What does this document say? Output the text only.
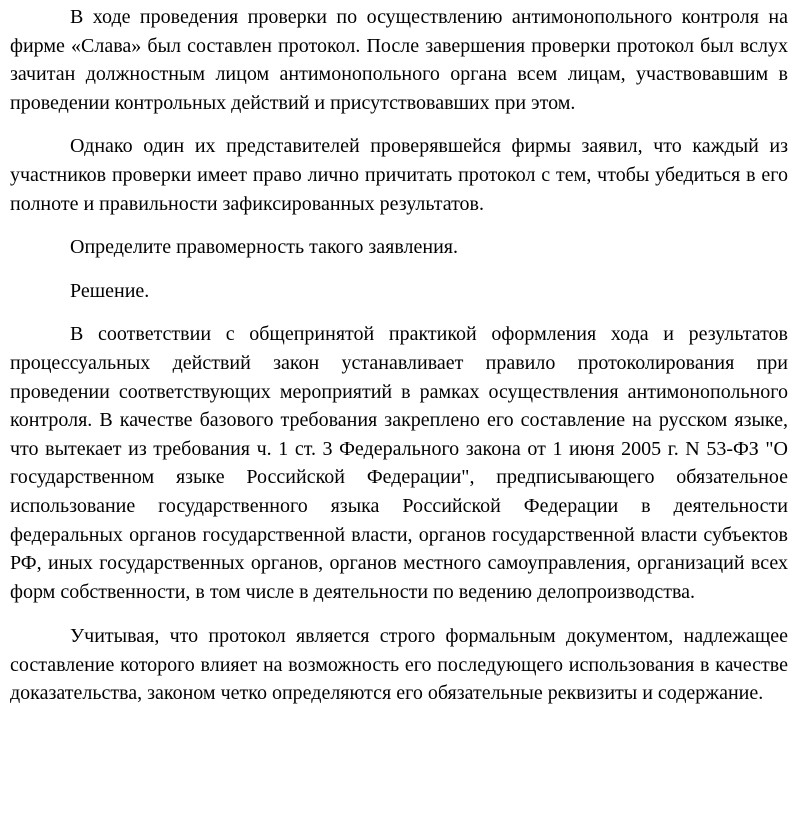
В ходе проведения проверки по осуществлению антимонопольного контроля на фирме «Слава» был составлен протокол. После завершения проверки протокол был вслух зачитан должностным лицом антимонопольного органа всем лицам, участвовавшим в проведении контрольных действий и присутствовавших при этом.

Однако один их представителей проверявшейся фирмы заявил, что каждый из участников проверки имеет право лично причитать протокол с тем, чтобы убедиться в его полноте и правильности зафиксированных результатов.

Определите правомерность такого заявления.

Решение.

В соответствии с общепринятой практикой оформления хода и результатов процессуальных действий закон устанавливает правило протоколирования при проведении соответствующих мероприятий в рамках осуществления антимонопольного контроля. В качестве базового требования закреплено его составление на русском языке, что вытекает из требования ч. 1 ст. 3 Федерального закона от 1 июня 2005 г. N 53-ФЗ "О государственном языке Российской Федерации", предписывающего обязательное использование государственного языка Российской Федерации в деятельности федеральных органов государственной власти, органов государственной власти субъектов РФ, иных государственных органов, органов местного самоуправления, организаций всех форм собственности, в том числе в деятельности по ведению делопроизводства.

Учитывая, что протокол является строго формальным документом, надлежащее составление которого влияет на возможность его последующего использования в качестве доказательства, законом четко определяются его обязательные реквизиты и содержание.
